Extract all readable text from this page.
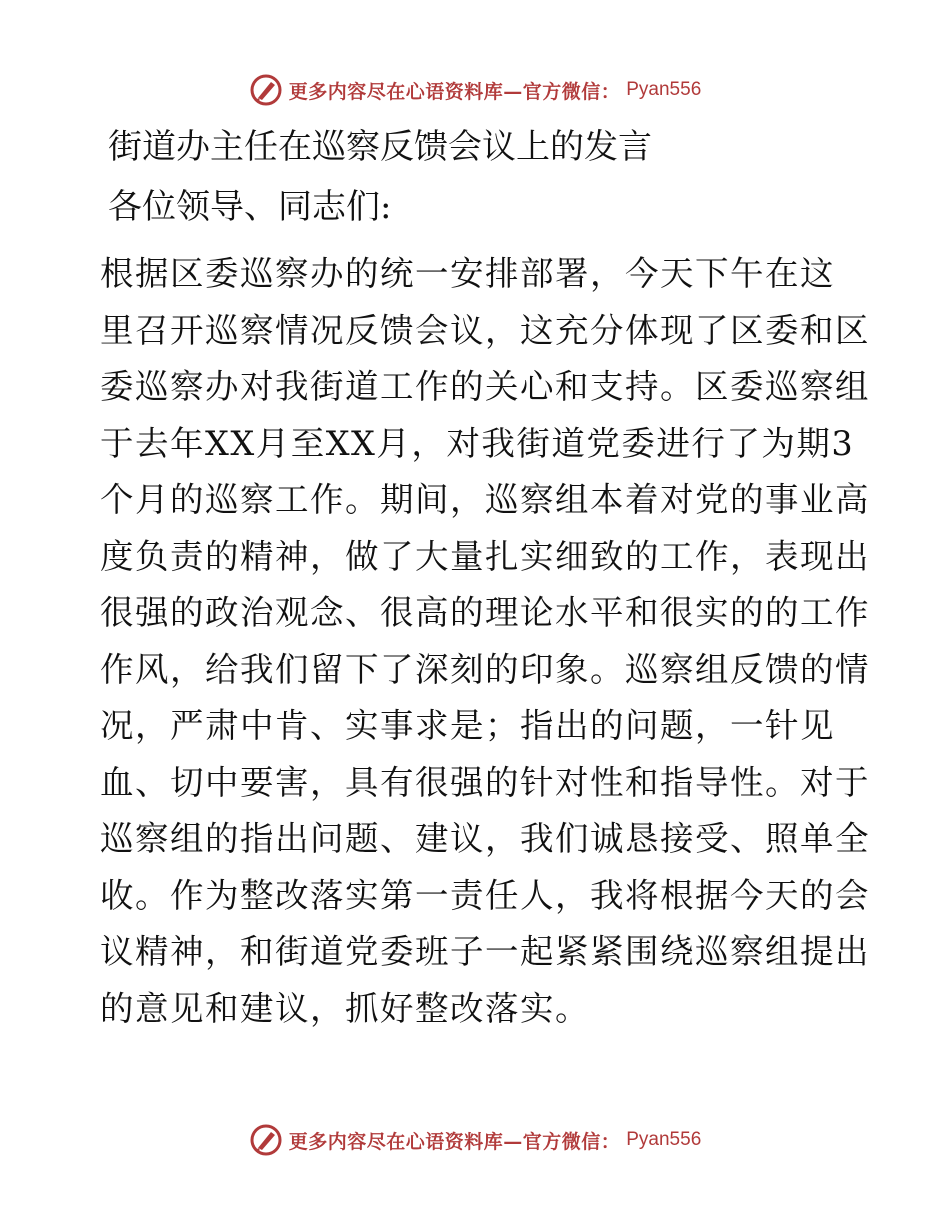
更多内容尽在心语资料库—官方微信： Pyan556
街道办主任在巡察反馈会议上的发言
各位领导、同志们:
根据区委巡察办的统一安排部署，今天下午在这
里召开巡察情况反馈会议，这充分体现了区委和区
委巡察办对我街道工作的关心和支持。区委巡察组
于去年XX月至XX月，对我街道党委进行了为期3
个月的巡察工作。期间，巡察组本着对党的事业高
度负责的精神，做了大量扎实细致的工作，表现出
很强的政治观念、很高的理论水平和很实的的工作
作风，给我们留下了深刻的印象。巡察组反馈的情
况，严肃中肯、实事求是；指出的问题，一针见
血、切中要害，具有很强的针对性和指导性。对于
巡察组的指出问题、建议，我们诚恳接受、照单全
收。作为整改落实第一责任人，我将根据今天的会
议精神，和街道党委班子一起紧紧围绕巡察组提出
的意见和建议，抓好整改落实。
更多内容尽在心语资料库—官方微信： Pyan556
